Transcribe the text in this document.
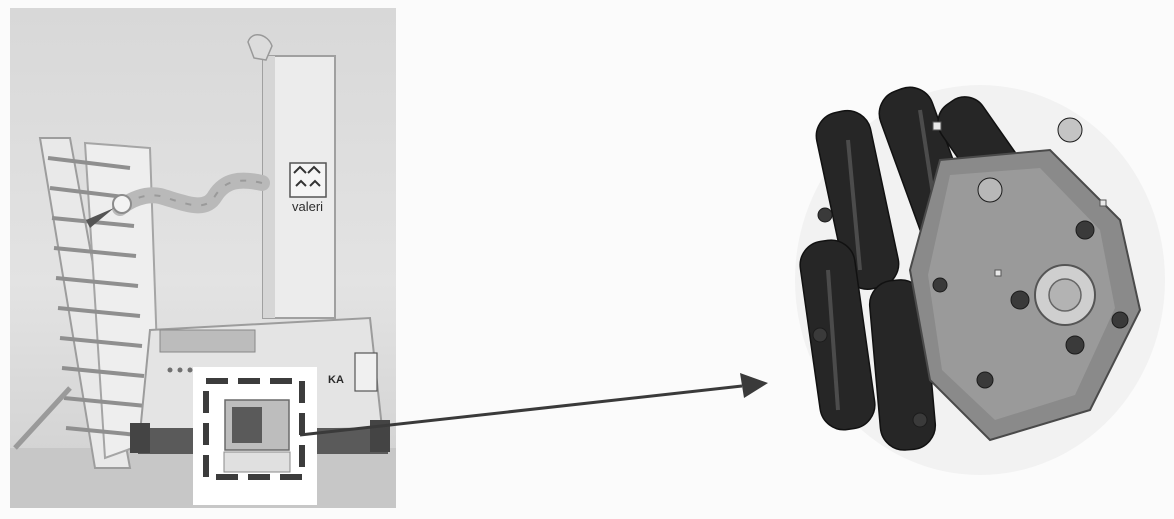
valeri
KA
